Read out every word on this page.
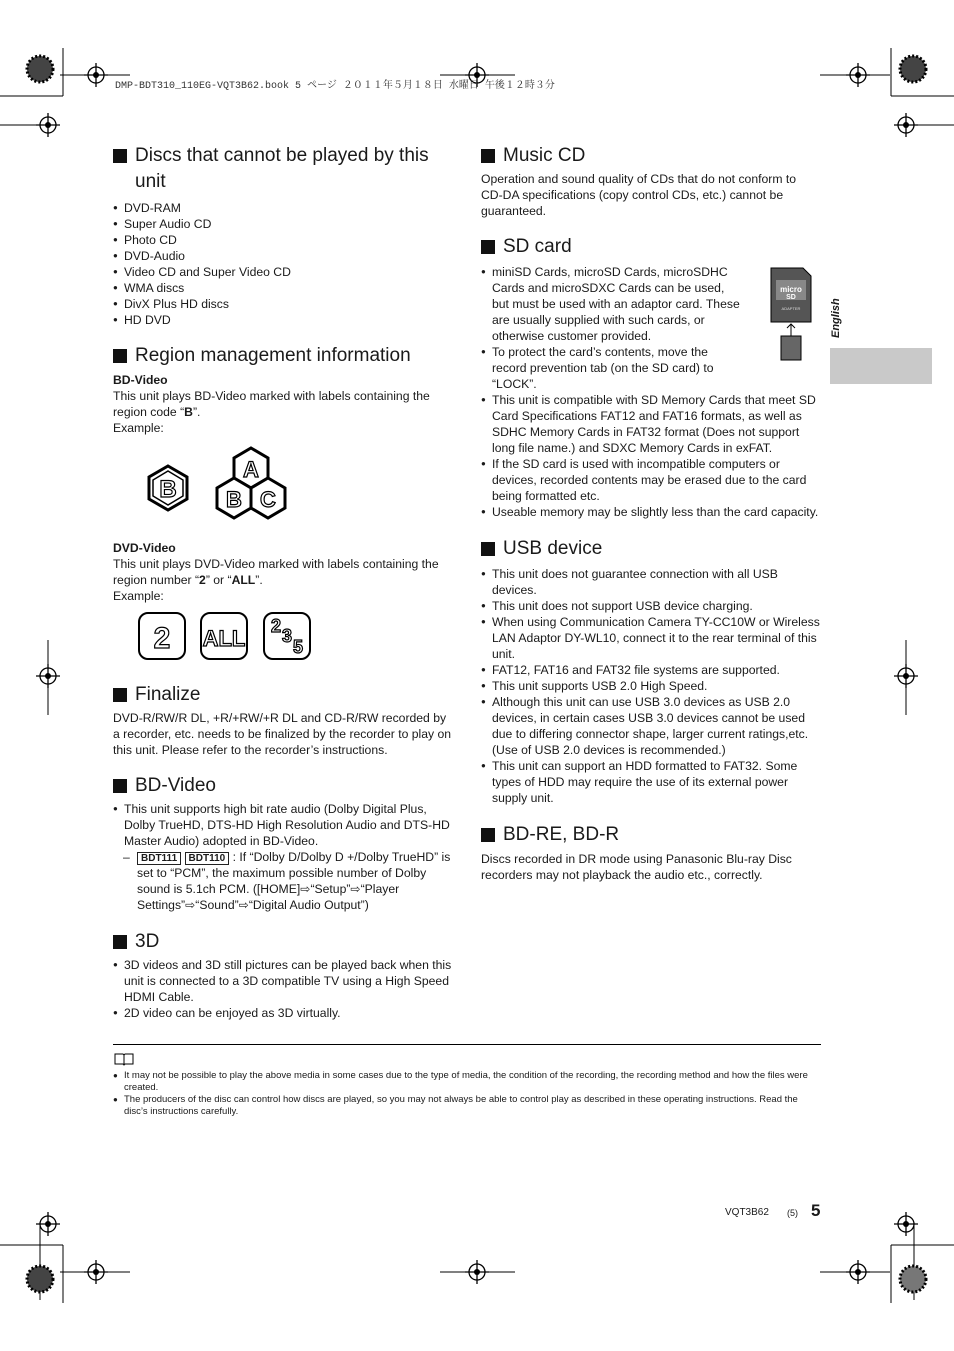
DMP-BDT310_110EG-VQT3B62.book 5 ページ ２０１１年５月１８日 水曜日 午後１２時３分
English
Discs that cannot be played by this unit
● DVD-RAM
● Super Audio CD
● Photo CD
● DVD-Audio
● Video CD and Super Video CD
● WMA discs
● DivX Plus HD discs
● HD DVD
Region management information

BD-Video

This unit plays BD-Video marked with labels containing the region code “B”.

Example:

B
A
B C

DVD-Video

This unit plays DVD-Video marked with labels containing the region number “2” or “ALL”.

Example:

2 ALL 2 3
5
Finalize

DVD-R/RW/R DL, +R/+RW/+R DL and CD-R/RW recorded by a recorder, etc. needs to be finalized by the recorder to play on this unit. Please refer to the recorder’s instructions.

BD-Video
● This unit supports high bit rate audio (Dolby Digital Plus, Dolby TrueHD, DTS-HD High Resolution Audio and DTS-HD Master Audio) adopted in BD-Video.
– BDT111 BDT110 : If “Dolby D/Dolby D +/Dolby TrueHD” is set to “PCM”, the maximum possible number of Dolby sound is 5.1ch PCM. ([HOME]⇨“Setup”⇨“Player Settings”⇨“Sound”⇨“Digital Audio Output”)
3D
● 3D videos and 3D still pictures can be played back when this unit is connected to a 3D compatible TV using a High Speed HDMI Cable.
● 2D video can be enjoyed as 3D virtually.
Music CD

Operation and sound quality of CDs that do not conform to CD-DA specifications (copy control CDs, etc.) cannot be guaranteed.

SD card
micro
SD
ADAPTER
● miniSD Cards, microSD Cards, microSDHC Cards and microSDXC Cards can be used, but must be used with an adaptor card. These are usually supplied with such cards, or otherwise customer provided.
● To protect the card’s contents, move the record prevention tab (on the SD card) to “LOCK”.
● This unit is compatible with SD Memory Cards that meet SD Card Specifications FAT12 and FAT16 formats, as well as SDHC Memory Cards in FAT32 format (Does not support long file name.) and SDXC Memory Cards in exFAT.
● If the SD card is used with incompatible computers or devices, recorded contents may be erased due to the card being formatted etc.
● Useable memory may be slightly less than the card capacity.
USB device
● This unit does not guarantee connection with all USB devices.
● This unit does not support USB device charging.
● When using Communication Camera TY-CC10W or Wireless LAN Adaptor DY-WL10, connect it to the rear terminal of this unit.
● FAT12, FAT16 and FAT32 file systems are supported.
● This unit supports USB 2.0 High Speed.
● Although this unit can use USB 3.0 devices as USB 2.0 devices, in certain cases USB 3.0 devices cannot be used due to differing connector shape, larger current ratings,etc. (Use of USB 2.0 devices is recommended.)
● This unit can support an HDD formatted to FAT32. Some types of HDD may require the use of its external power supply unit.
BD-RE, BD-R

Discs recorded in DR mode using Panasonic Blu-ray Disc recorders may not playback the audio etc., correctly.

● It may not be possible to play the above media in some cases due to the type of media, the condition of the recording, the recording method and how the files were created.
● The producers of the disc can control how discs are played, so you may not always be able to control play as described in these operating instructions. Read the disc’s instructions carefully.
VQT3B62 (5) 5
